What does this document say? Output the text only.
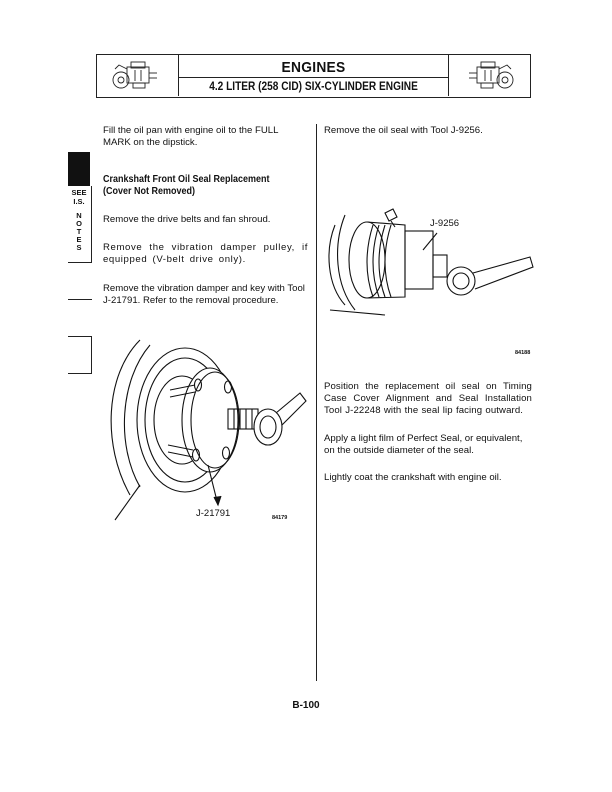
ENGINES
4.2 LITER (258 CID) SIX-CYLINDER ENGINE
SEE
I.S.
N
O
T
E
S
Fill the oil pan with engine oil to the FULL MARK on the dipstick.
Crankshaft Front Oil Seal Replacement
(Cover Not Removed)
Remove the drive belts and fan shroud.
Remove the vibration damper pulley, if equipped (V-belt drive only).
Remove the vibration damper and key with Tool J-21791. Refer to the removal procedure.
J-21791	84179
Remove the oil seal with Tool J-9256.
J-9256
84188
Position the replacement oil seal on Timing Case Cover Alignment and Seal Installation Tool J-22248 with the seal lip facing outward.
Apply a light film of Perfect Seal, or equivalent, on the outside diameter of the seal.
Lightly coat the crankshaft with engine oil.
B-100
